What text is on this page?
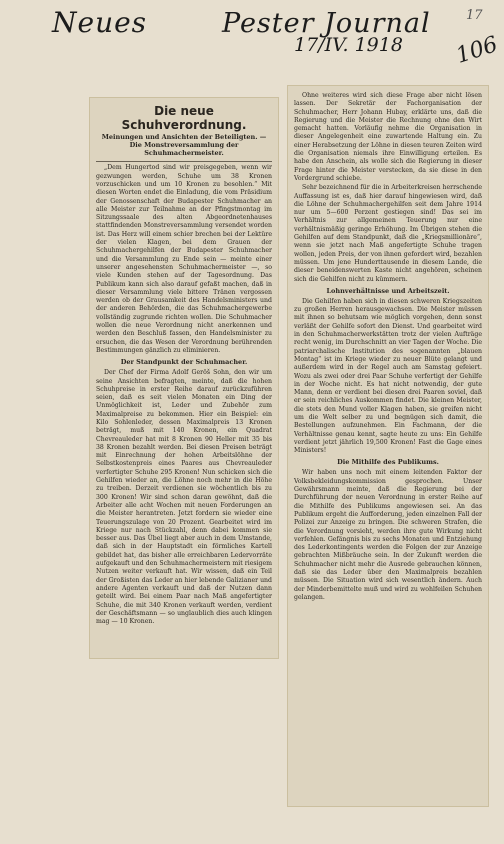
Neues	Pester Journal
17/IV. 1918 106
17
Die neue Schuhverordnung.
Meinungen und Ansichten der Beteiligten. — Die Monstreversammlung der Schuhmachermeister.

„Dem Hungertod sind wir preisgegeben, wenn wir gezwungen werden, Schuhe um 38 Kronen vorzuschicken und um 10 Kronen zu besohlen.“ Mit diesen Worten endet die Einladung, die vom Präsidium der Genossenschaft der Budapester Schuhmacher an alle Meister zur Teilnahme an der Pfingstmontag im Sitzungssaale des alten Abgeordnetenhauses stattfindenden Monstreversammlung versendet worden ist. Das Herz will einem schier brechen bei der Lektüre der vielen Klagen, bei dem Grauen der Schuhmachergehilfen der Budapester Schuhmacher und die Versammlung zu Ende sein — meinte einer unserer angesehensten Schuhmachermeister —, so viele Kunden stehen auf der Tagesordnung. Das Publikum kann sich also darauf gefaßt machen, daß in dieser Versammlung viele bittere Tränen vergossen werden ob der Grausamkeit des Handelsministers und der anderen Behörden, die das Schuhmachergewerbe vollständig zugrunde richten wollen. Die Schuhmacher wollen die neue Verordnung nicht anerkennen und werden den Beschluß fassen, den Handelsminister zu ersuchen, die das Wesen der Verordnung berührenden Bestimmungen gänzlich zu eliminieren.

Der Standpunkt der Schuhmacher.

Der Chef der Firma Adolf Geröš Sohn, den wir um seine Ansichten befragten, meinte, daß die hohen Schuhpreise in erster Reihe darauf zurückzuführen seien, daß es seit vielen Monaten ein Ding der Unmöglichkeit ist, Leder und Zubehör zum Maximalpreise zu bekommen. Hier ein Beispiel: ein Kilo Sohlenleder, dessen Maximalpreis 13 Kronen beträgt, muß mit 140 Kronen, ein Quadrat Chevreauleder hat mit 8 Kronen 90 Heller mit 35 bis 38 Kronen bezahlt werden. Bei diesen Preisen beträgt mit Einrechnung der hohen Arbeitslöhne der Selbstkostenpreis eines Paares aus Chevreauleder verfertigter Schuhe 295 Kronen! Nun schicken sich die Gehilfen wieder an, die Löhne noch mehr in die Höhe zu treiben. Derzeit verdienen sie wöchentlich bis zu 300 Kronen! Wir sind schon daran gewöhnt, daß die Arbeiter alle acht Wochen mit neuen Forderungen an die Meister herantreten. Jetzt fordern sie wieder eine Teuerungszulage von 20 Prozent. Gearbeitet wird im Kriege nur nach Stückzahl, denn dabei kommen sie besser aus. Das Übel liegt aber auch in dem Umstande, daß sich in der Hauptstadt ein förmliches Kartell gebildet hat, das bisher alle erreichbaren Ledervorräte aufgekauft und den Schuhmachermeistern mit riesigem Nutzen weiter verkauft hat. Wir wissen, daß ein Teil der Großisten das Leder an hier lebende Galizianer und andere Agenten verkauft und daß der Nutzen dann geteilt wird. Bei einem Paar nach Maß angefertigter Schuhe, die mit 340 Kronen verkauft werden, verdient der Geschäftsmann — so unglaublich dies auch klingen mag — 10 Kronen.

Ohne weiteres wird sich diese Frage aber nicht lösen lassen. Der Sekretär der Fachorganisation der Schuhmacher, Herr Johann Hubay, erklärte uns, daß die Regierung und die Meister die Rechnung ohne den Wirt gemacht hatten. Vorläufig nehme die Organisation in dieser Angelegenheit eine zuwartende Haltung ein. Zu einer Herabsetzung der Löhne in diesen teuren Zeiten wird die Organisation niemals ihre Einwilligung erteilen. Es habe den Anschein, als wolle sich die Regierung in dieser Frage hinter die Meister verstecken, da sie diese in den Vordergrund schiebe.

Sehr bezeichnend für die in Arbeiterkreisen herrschende Auffassung ist es, daß hier darauf hingewiesen wird, daß die Löhne der Schuhmachergehilfen seit dem Jahre 1914 nur um 5—600 Perzent gestiegen sind! Das sei im Verhältnis zur allgemeinen Teuerung nur eine verhältnismäßig geringe Erhöhung. Im Übrigen stehen die Gehilfen auf dem Standpunkt, daß die „Kriegsmillionäre“, wenn sie jetzt nach Maß angefertigte Schuhe tragen wollen, jeden Preis, der von ihnen gefordert wird, bezahlen müssen. Um jene Hunderttausende in diesem Lande, die dieser beneidenswerten Kaste nicht angehören, scheinen sich die Gehilfen nicht zu kümmern.

Lohnverhältnisse und Arbeitszeit.

Die Gehilfen haben sich in diesen schweren Kriegszeiten zu großen Herren herausgewachsen. Die Meister müssen mit ihnen so behutsam wie möglich vorgehen, denn sonst verläßt der Gehilfe sofort den Dienst. Und gearbeitet wird in den Schuhmacherwerkstätten trotz der vielen Aufträge recht wenig, im Durchschnitt an vier Tagen der Woche. Die patriarchalische Institution des sogenannten „blauen Montag“ ist im Kriege wieder zu neuer Blüte gelangt und außerdem wird in der Regel auch am Samstag gefeiert. Wozu als zwei oder drei Paar Schuhe verfertigt der Gehilfe in der Woche nicht. Es hat nicht notwendig, der gute Mann, denn er verdient bei diesen drei Paaren soviel, daß er sein reichliches Auskommen findet. Die kleinen Meister, die stets den Mund voller Klagen haben, sie greifen nicht um die Welt selber zu und begnügen sich damit, die Bestellungen aufzunehmen. Ein Fachmann, der die Verhältnisse genau kennt, sagte heute zu uns: Ein Gehilfe verdient jetzt jährlich 19,500 Kronen! Fast die Gage eines Ministers!

Die Mithilfe des Publikums.

Wir haben uns noch mit einem leitenden Faktor der Volksbekleidungskommission gesprochen. Unser Gewährsmann meinte, daß die Regierung bei der Durchführung der neuen Verordnung in erster Reihe auf die Mithilfe des Publikums angewiesen sei. An das Publikum ergeht die Aufforderung, jeden einzelnen Fall der Polizei zur Anzeige zu bringen. Die schweren Strafen, die die Verordnung vorsieht, werden ihre gute Wirkung nicht verfehlen. Gefängnis bis zu sechs Monaten und Entziehung des Lederkontingents werden die Folgen der zur Anzeige gebrachten Mißbräuche sein. In der Zukunft werden die Schuhmacher nicht mehr die Ausrede gebrauchen können, daß sie das Leder über den Maximalpreis bezahlen müssen. Die Situation wird sich wesentlich ändern. Auch der Minderbemittelte muß und wird zu wohlfeilen Schuhen gelangen.
